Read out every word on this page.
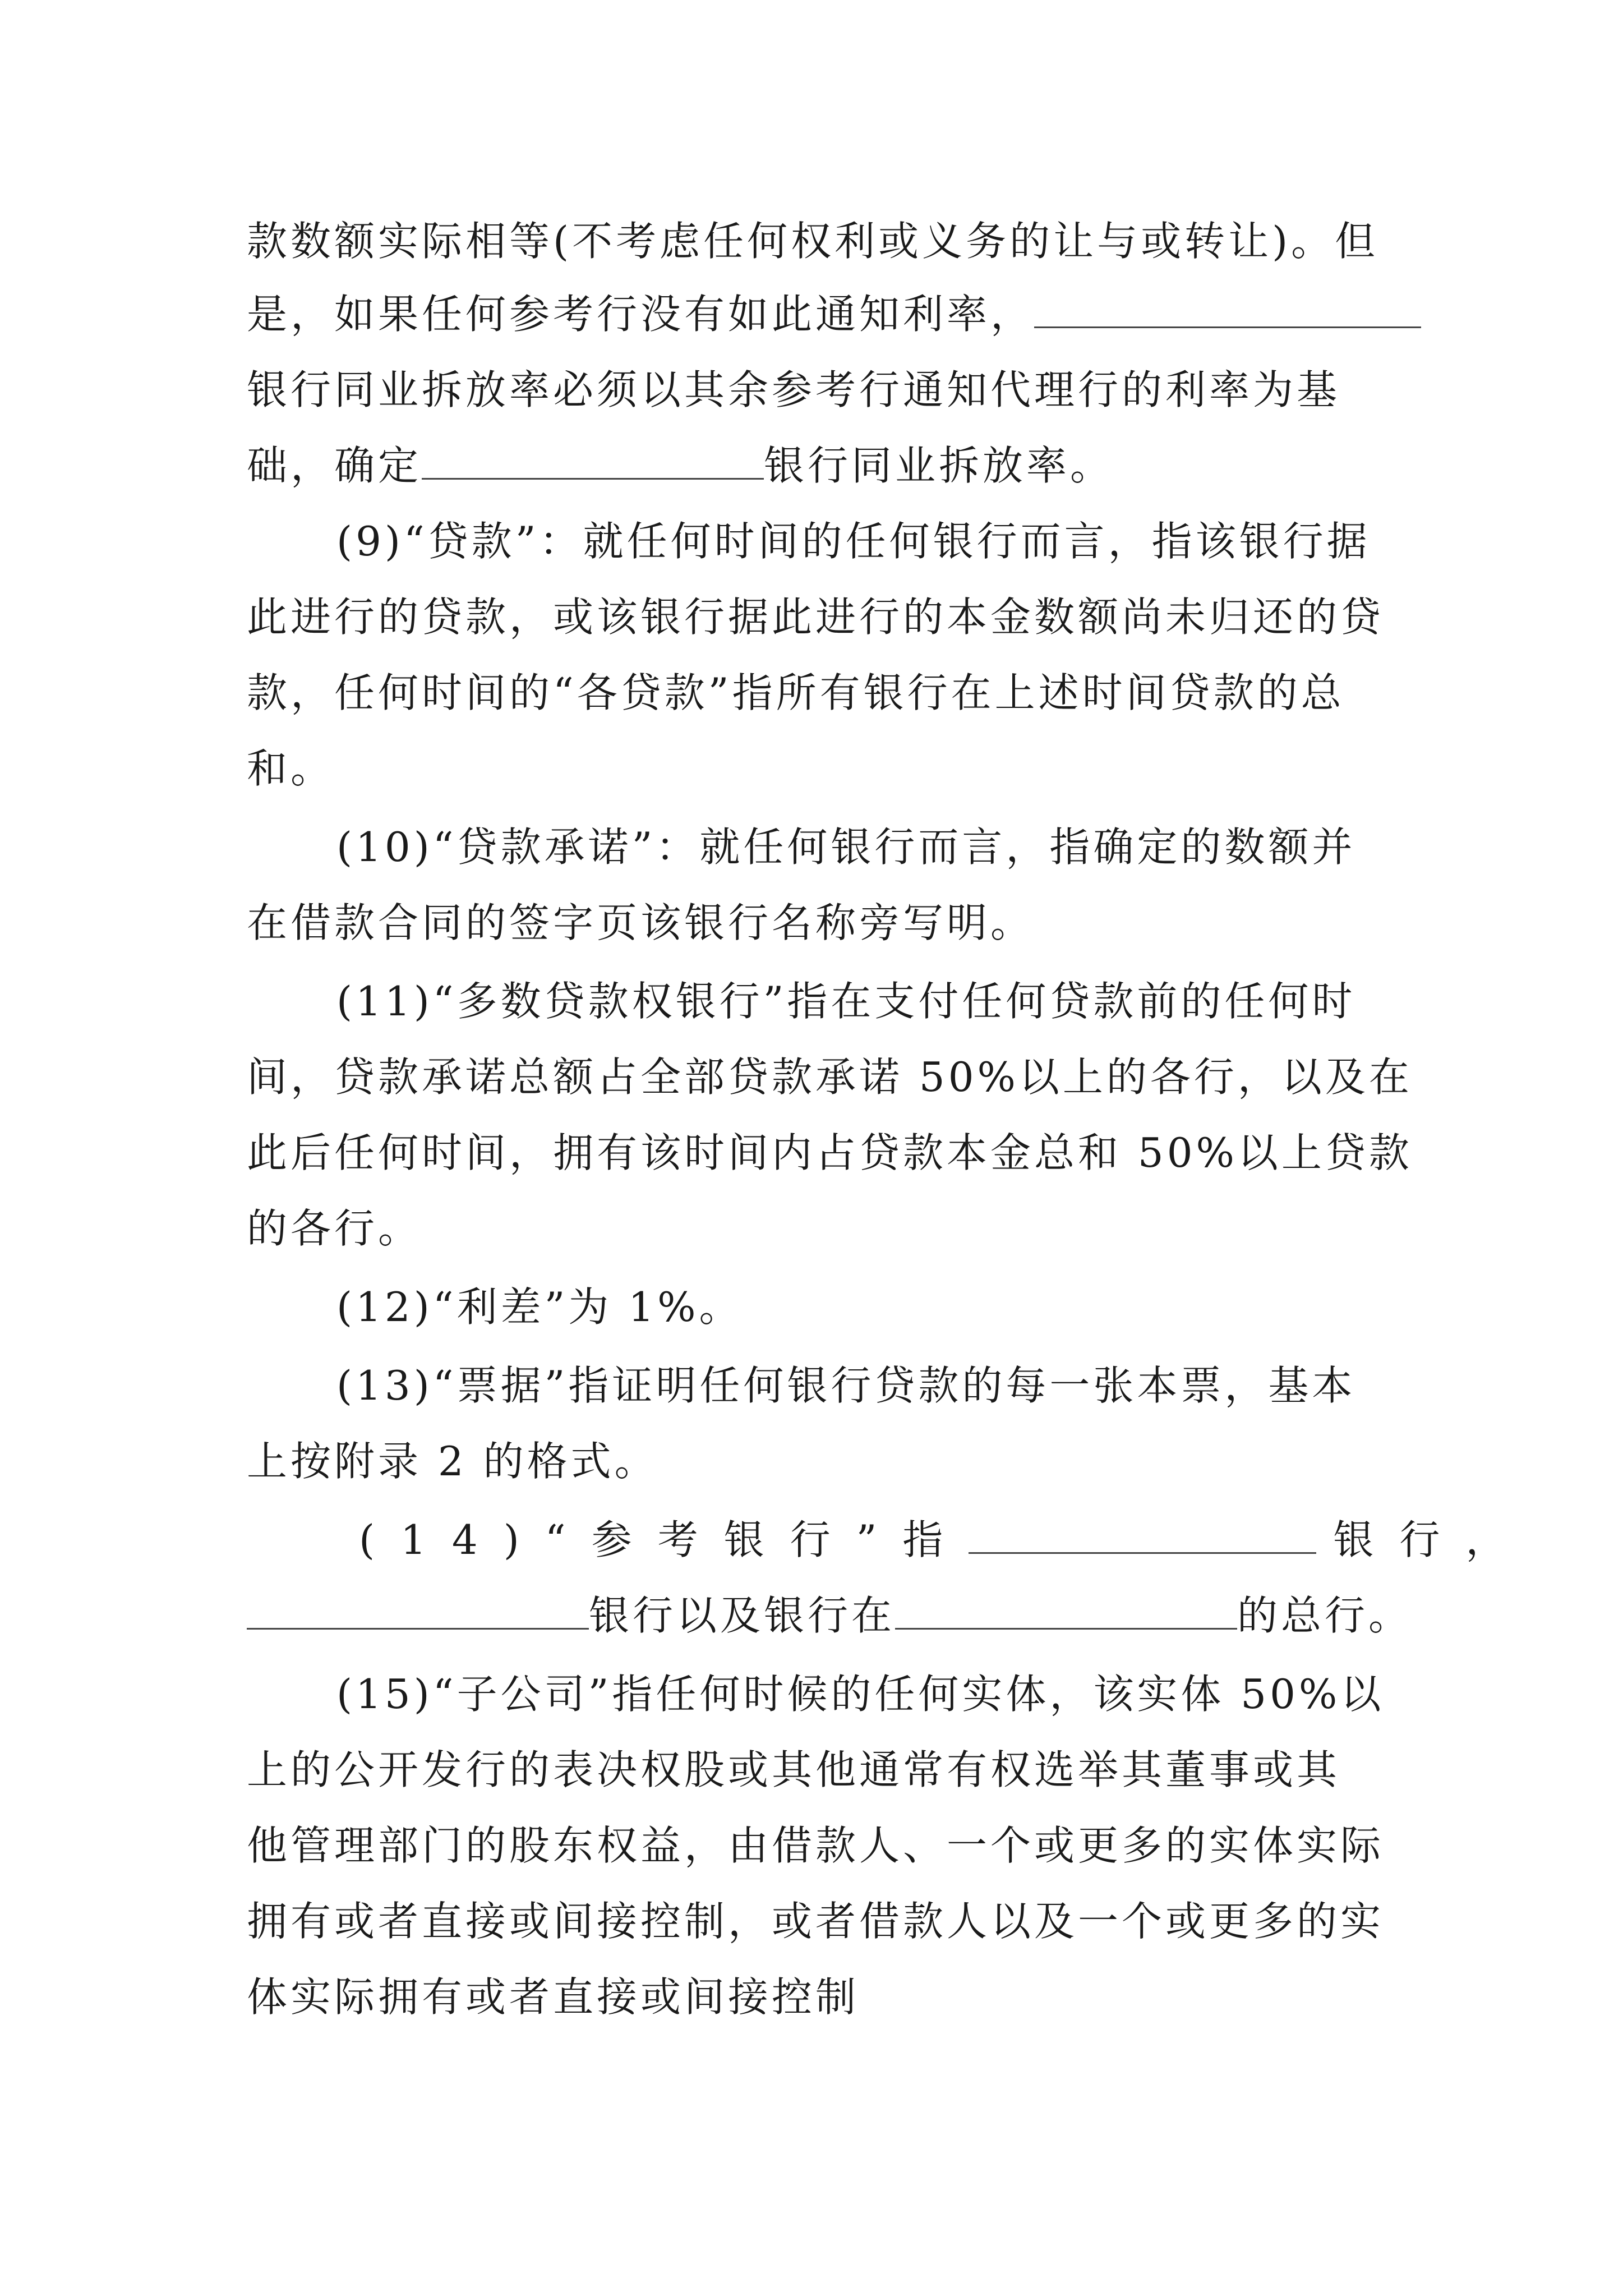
款数额实际相等(不考虑任何权利或义务的让与或转让)。但
是，如果任何参考行没有如此通知利率，
银行同业拆放率必须以其余参考行通知代理行的利率为基
础，确定	银行同业拆放率。
(9)“贷款”：就任何时间的任何银行而言，指该银行据
此进行的贷款，或该银行据此进行的本金数额尚未归还的贷
款，任何时间的“各贷款”指所有银行在上述时间贷款的总
和。
(10)“贷款承诺”：就任何银行而言，指确定的数额并
在借款合同的签字页该银行名称旁写明。
(11)“多数贷款权银行”指在支付任何贷款前的任何时
间，贷款承诺总额占全部贷款承诺 50%以上的各行，以及在
此后任何时间，拥有该时间内占贷款本金总和 50%以上贷款
的各行。
(12)“利差”为 1%。
(13)“票据”指证明任何银行贷款的每一张本票，基本
上按附录 2 的格式。
(14)“参考银行”指	银行，
银行以及银行在	的总行。
(15)“子公司”指任何时候的任何实体，该实体 50%以
上的公开发行的表决权股或其他通常有权选举其董事或其
他管理部门的股东权益，由借款人、一个或更多的实体实际
拥有或者直接或间接控制，或者借款人以及一个或更多的实
体实际拥有或者直接或间接控制
